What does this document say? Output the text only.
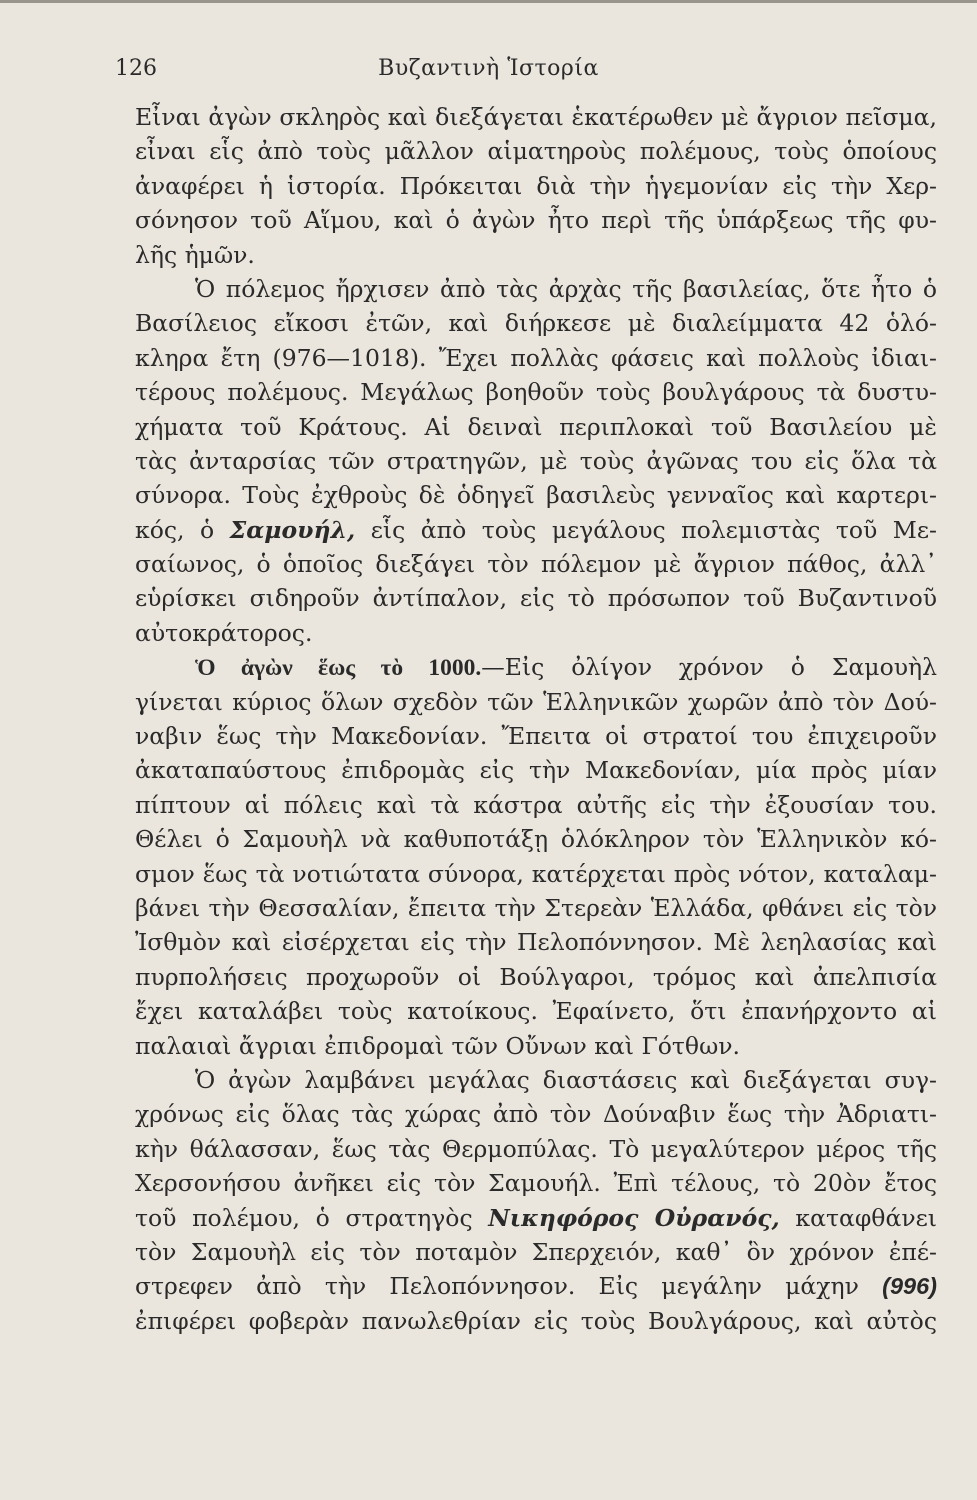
Βυζαντινὴ Ἱστορία
126
Εἶναι ἀγὼν σκληρὸς καὶ διεξάγεται ἑκατέρωθεν μὲ ἄγριον πεῖσμα,
εἶναι εἷς ἀπὸ τοὺς μᾶλλον αἱματηροὺς πολέμους, τοὺς ὁποίους
ἀναφέρει ἡ ἱστορία. Πρόκειται διὰ τὴν ἡγεμονίαν εἰς τὴν Χερ-
σόνησον τοῦ Αἵμου, καὶ ὁ ἀγὼν ἦτο περὶ τῆς ὑπάρξεως τῆς φυ-
λῆς ἡμῶν.
Ὁ πόλεμος ἤρχισεν ἀπὸ τὰς ἀρχὰς τῆς βασιλείας, ὅτε ἦτο ὁ
Βασίλειος εἴκοσι ἐτῶν, καὶ διήρκεσε μὲ διαλείμματα 42 ὁλό-
κληρα ἔτη (976—1018). Ἔχει πολλὰς φάσεις καὶ πολλοὺς ἰδιαι-
τέρους πολέμους. Μεγάλως βοηθοῦν τοὺς βουλγάρους τὰ δυστυ-
χήματα τοῦ Κράτους. Αἱ δειναὶ περιπλοκαὶ τοῦ Βασιλείου μὲ
τὰς ἀνταρσίας τῶν στρατηγῶν, μὲ τοὺς ἀγῶνας του εἰς ὅλα τὰ
σύνορα. Τοὺς ἐχθροὺς δὲ ὁδηγεῖ βασιλεὺς γενναῖος καὶ καρτερι-
κός, ὁ Σαμουήλ, εἷς ἀπὸ τοὺς μεγάλους πολεμιστὰς τοῦ Με-
σαίωνος, ὁ ὁποῖος διεξάγει τὸν πόλεμον μὲ ἄγριον πάθος, ἀλλ᾿
εὑρίσκει σιδηροῦν ἀντίπαλον, εἰς τὸ πρόσωπον τοῦ Βυζαντινοῦ
αὐτοκράτορος.
Ὁ ἀγὼν ἕως τὸ 1000.—Εἰς ὀλίγον χρόνον ὁ Σαμουὴλ
γίνεται κύριος ὅλων σχεδὸν τῶν Ἑλληνικῶν χωρῶν ἀπὸ τὸν Δού-
ναβιν ἕως τὴν Μακεδονίαν. Ἔπειτα οἱ στρατοί του ἐπιχειροῦν
ἀκαταπαύστους ἐπιδρομὰς εἰς τὴν Μακεδονίαν, μία πρὸς μίαν
πίπτουν αἱ πόλεις καὶ τὰ κάστρα αὐτῆς εἰς τὴν ἐξουσίαν του.
Θέλει ὁ Σαμουὴλ νὰ καθυποτάξῃ ὁλόκληρον τὸν Ἑλληνικὸν κό-
σμον ἕως τὰ νοτιώτατα σύνορα, κατέρχεται πρὸς νότον, καταλαμ-
βάνει τὴν Θεσσαλίαν, ἔπειτα τὴν Στερεὰν Ἑλλάδα, φθάνει εἰς τὸν
Ἰσθμὸν καὶ εἰσέρχεται εἰς τὴν Πελοπόννησον. Μὲ λεηλασίας καὶ
πυρπολήσεις προχωροῦν οἱ Βούλγαροι, τρόμος καὶ ἀπελπισία
ἔχει καταλάβει τοὺς κατοίκους. Ἐφαίνετο, ὅτι ἐπανήρχοντο αἱ
παλαιαὶ ἄγριαι ἐπιδρομαὶ τῶν Οὔνων καὶ Γότθων.
Ὁ ἀγὼν λαμβάνει μεγάλας διαστάσεις καὶ διεξάγεται συγ-
χρόνως εἰς ὅλας τὰς χώρας ἀπὸ τὸν Δούναβιν ἕως τὴν Ἀδριατι-
κὴν θάλασσαν, ἕως τὰς Θερμοπύλας. Τὸ μεγαλύτερον μέρος τῆς
Χερσονήσου ἀνῆκει εἰς τὸν Σαμουήλ. Ἐπὶ τέλους, τὸ 20ὸν ἔτος
τοῦ πολέμου, ὁ στρατηγὸς Νικηφόρος Οὐρανός, καταφθάνει
τὸν Σαμουὴλ εἰς τὸν ποταμὸν Σπερχειόν, καθ᾿ ὃν χρόνον ἐπέ-
στρεφεν ἀπὸ τὴν Πελοπόννησον. Εἰς μεγάλην μάχην (996)
ἐπιφέρει φοβερὰν πανωλεθρίαν εἰς τοὺς Βουλγάρους, καὶ αὐτὸς
